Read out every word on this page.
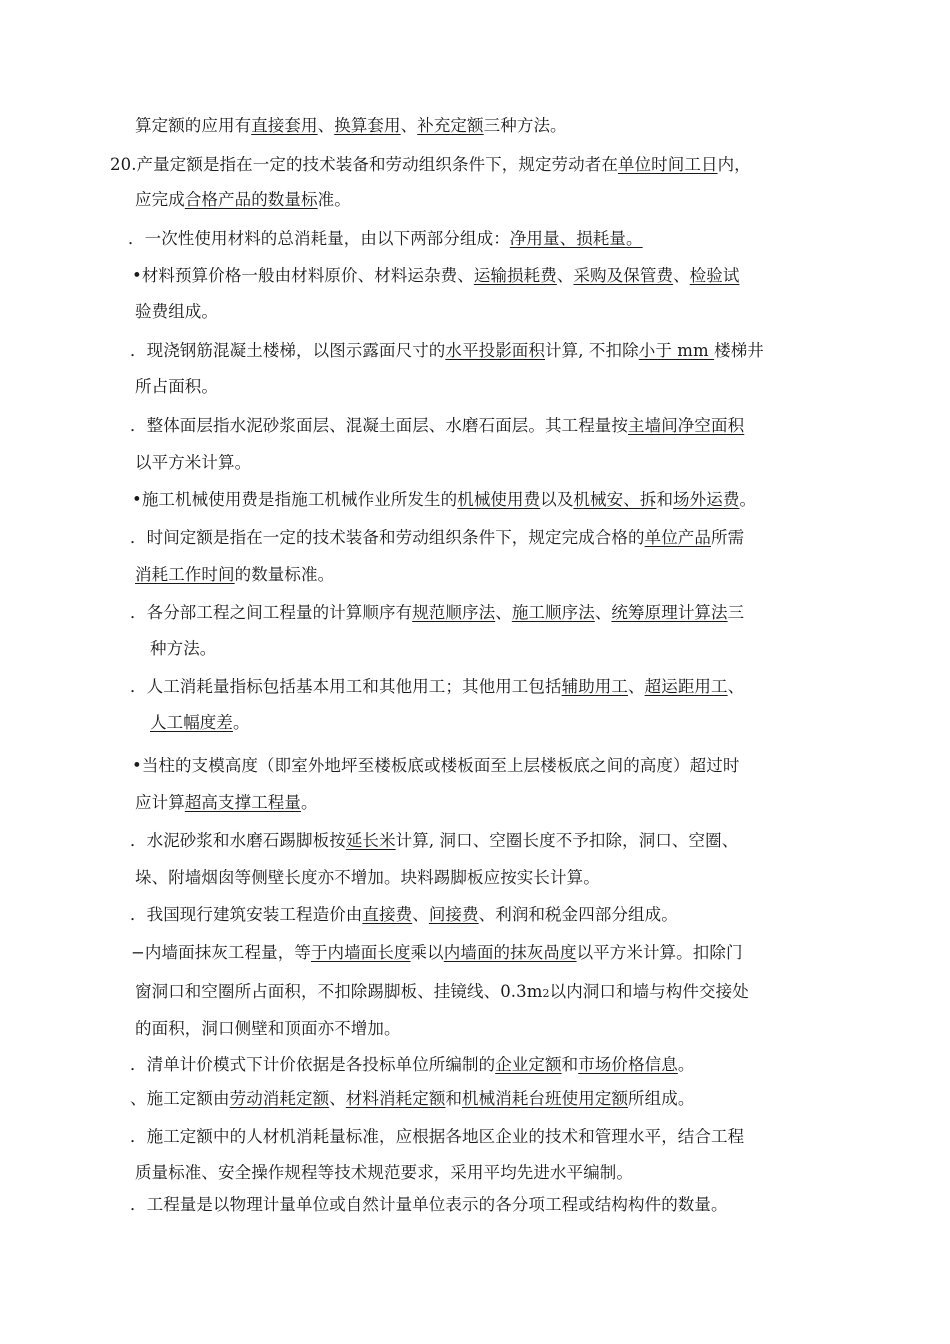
算定额的应用有直接套用、换算套用、补充定额三种方法。
20.产量定额是指在一定的技术装备和劳动组织条件下，规定劳动者在单位时间工日内，
应完成合格产品的数量标准。
．一次性使用材料的总消耗量，由以下两部分组成：净用量、损耗量。
•材料预算价格一般由材料原价、材料运杂费、运输损耗费、采购及保管费、检验试
验费组成。
．现浇钢筋混凝土楼梯，以图示露面尺寸的水平投影面积计算, 不扣除小于 mm 楼梯井
所占面积。
．整体面层指水泥砂浆面层、混凝土面层、水磨石面层。其工程量按主墙间净空面积
以平方米计算。
•施工机械使用费是指施工机械作业所发生的机械使用费以及机械安、拆和场外运费。
．时间定额是指在一定的技术装备和劳动组织条件下，规定完成合格的单位产品所需
消耗工作时间的数量标准。
．各分部工程之间工程量的计算顺序有规范顺序法、施工顺序法、统筹原理计算法三
种方法。
．人工消耗量指标包括基本用工和其他用工；其他用工包括辅助用工、超运距用工、
人工幅度差。
•当柱的支模高度（即室外地坪至楼板底或楼板面至上层楼板底之间的高度）超过时
应计算超高支撑工程量。
．水泥砂浆和水磨石踢脚板按延长米计算, 洞口、空圈长度不予扣除，洞口、空圈、
垛、附墙烟囱等侧壁长度亦不增加。块料踢脚板应按实长计算。
．我国现行建筑安装工程造价由直接费、间接费、利润和税金四部分组成。
−内墙面抹灰工程量，等于内墙面长度乘以内墙面的抹灰咼度以平方米计算。扣除门
窗洞口和空圈所占面积，不扣除踢脚板、挂镜线、0.3m2以内洞口和墙与构件交接处
的面积，洞口侧壁和顶面亦不增加。
．清单计价模式下计价依据是各投标单位所编制的企业定额和市场价格信息。
、施工定额由劳动消耗定额、材料消耗定额和机械消耗台班使用定额所组成。
．施工定额中的人材机消耗量标准，应根据各地区企业的技术和管理水平，结合工程
质量标准、安全操作规程等技术规范要求，采用平均先进水平编制。
．工程量是以物理计量单位或自然计量单位表示的各分项工程或结构构件的数量。
